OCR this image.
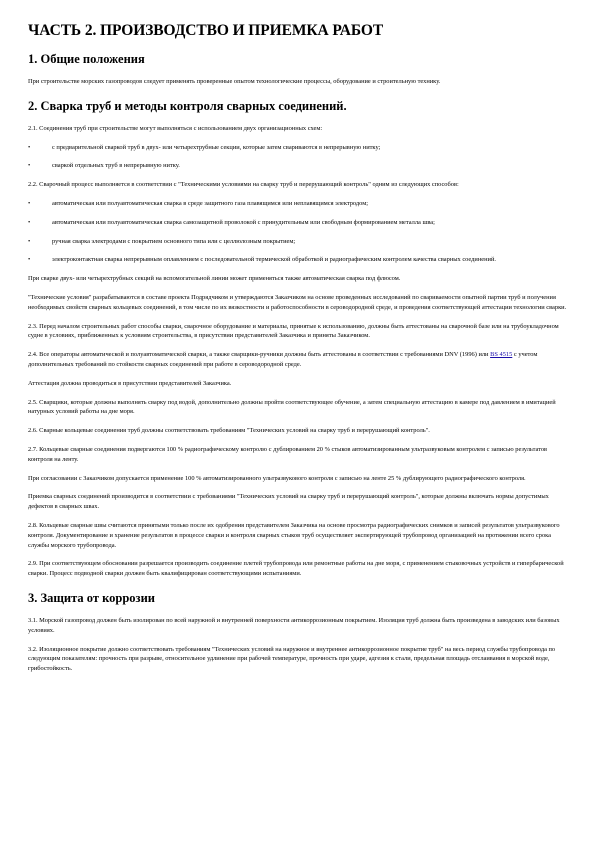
ЧАСТЬ 2. ПРОИЗВОДСТВО И ПРИЕМКА РАБОТ
1. Общие положения

При строительстве морских газопроводов следует применять проверенные опытом технологические процессы, оборудование и строительную технику.

2. Сварка труб и методы контроля сварных соединений.

2.1. Соединения труб при строительстве могут выполняться с использованием двух организационных схем:

•	с предварительной сваркой труб в двух- или четырехтрубные секции, которые затем свариваются в непрерывную нитку;

•	сваркой отдельных труб в непрерывную нитку.

2.2. Сварочный процесс выполняется в соответствии с "Техническими условиями на сварку труб и перерушающий контроль" одним из следующих способов:

•	автоматическая или полуавтоматическая сварка в среде защитного газа плавящимся или неплавящимся электродом;

•	автоматическая или полуавтоматическая сварка самозащитной проволокой с принудительным или свободным формированием металла шва;

•	ручная сварка электродами с покрытием основного типа или с целлюлозным покрытием;

•	электроконтактная сварка непрерывным оплавлением с последовательной термической обработкой и радиографическим контролем качества сварных соединений.

При сварке двух- или четырехтрубных секций на вспомогательной линии может применяться также автоматическая сварка под флюсом.

"Технические условия" разрабатываются в составе проекта Подрядчиком и утверждаются Заказчиком на основе проведенных исследований по свариваемости опытной партии труб и получения необходимых свойств сварных кольцевых соединений, в том числе по их вязкостности и работоспособности в сероводородной среде, и проведения соответствующей аттестации технологии сварки.

2.3. Перед началом строительных работ способы сварки, сварочное оборудование и материалы, принятые к использованию, должны быть аттестованы на сварочной базе или на трубоукладочном судне в условиях, приближенных к условиям строительства, в присутствии представителей Заказчика и приняты Заказчиком.

2.4. Все операторы автоматической и полуавтоматической сварки, а также сварщики-ручники должны быть аттестованы в соответствии с требованиями DNV (1996) или BS 4515 с учетом дополнительных требований по стойкости сварных соединений при работе в сероводородной среде.

Аттестация должна проводиться в присутствии представителей Заказчика.

2.5. Сварщики, которые должны выполнять сварку под водой, дополнительно должны пройти соответствующее обучение, а затем специальную аттестацию в камере под давлением в имитацией натурных условий работы на дне моря.

2.6. Сварные кольцевые соединения труб должны соответствовать требованиям "Технических условий на сварку труб и перерушающий контроль".

2.7. Кольцевые сварные соединения подвергаются 100 % радиографическому контролю с дублированием 20 % стыков автоматизированным ультразвуковым контролем с записью результатов контроля на ленту.

При согласовании с Заказчиком допускается применение 100 % автоматизированного ультразвукового контроля с записью на ленте 25 % дублирующего радиографического контроля.

Приемка сварных соединений производится в соответствии с требованиями "Технических условий на сварку труб и перерушающий контроль", которые должны включать нормы допустимых дефектов в сварных швах.

2.8. Кольцевые сварные швы считаются принятыми только после их одобрения представителем Заказчика на основе просмотра радиографических снимков и записей результатов ультразвукового контроля. Документирование и хранение результатов в процессе сварки и контроля сварных стыков труб осуществляет экспертирующей трубопровод организацией на протяжении всего срока службы морского трубопровода.

2.9. При соответствующем обосновании разрешается производить соединение плетей трубопровода или ремонтные работы на дне моря, с применением стыковочных устройств и гипербарической сварки. Процесс подводной сварки должен быть квалифицирован соответствующими испытаниями.

3. Защита от коррозии

3.1. Морской газопровод должен быть изолирован по всей наружной и внутренней поверхности антикоррозионным покрытием. Изоляция труб должна быть произведена в заводских или базовых условиях.

3.2. Изоляционное покрытие должно соответствовать требованиям "Технических условий на наружное и внутреннее антикоррозионное покрытие труб" на весь период службы трубопровода по следующим показателям: прочность при разрыве, относительное удлинение при рабочей температуре, прочность при ударе, адгезия к стали, предельная площадь отслаивания в морской воде, грибостойкость.
